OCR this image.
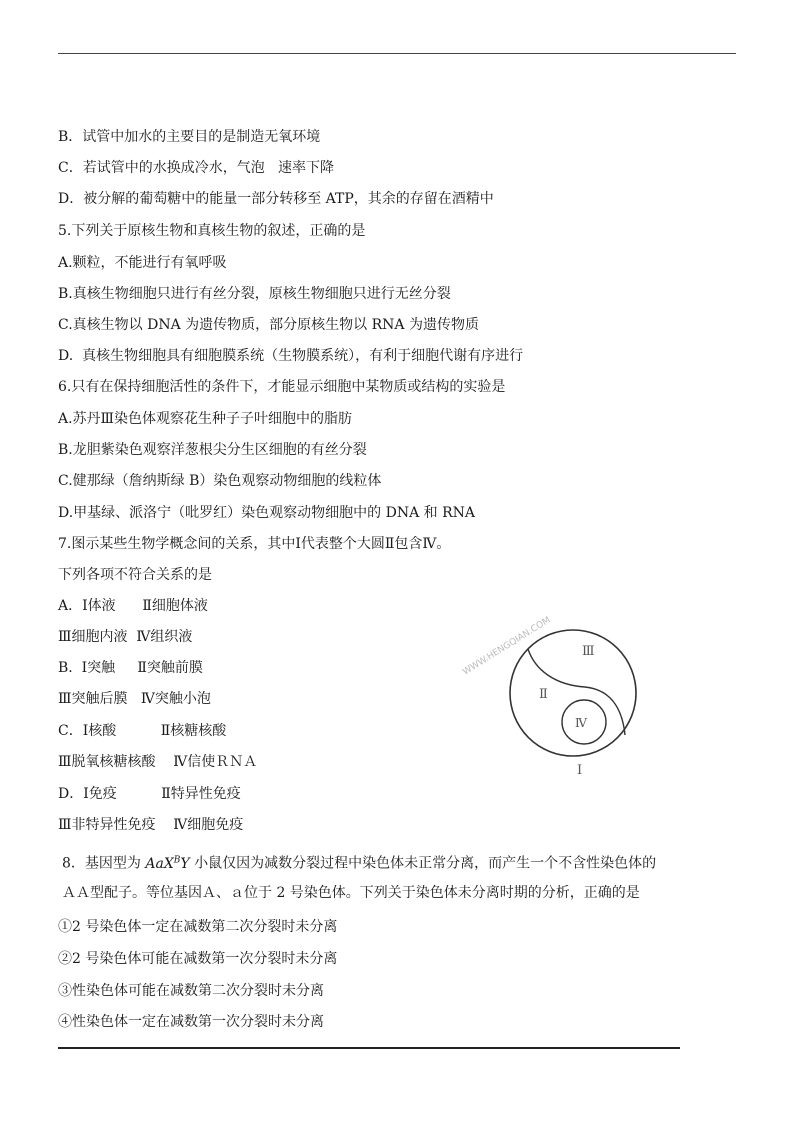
B．试管中加水的主要目的是制造无氧环境
C．若试管中的水换成冷水，气泡   速率下降
D．被分解的葡萄糖中的能量一部分转移至 ATP，其余的存留在酒精中
5.下列关于原核生物和真核生物的叙述，正确的是
A.颗粒，不能进行有氧呼吸
B.真核生物细胞只进行有丝分裂，原核生物细胞只进行无丝分裂
C.真核生物以 DNA 为遗传物质，部分原核生物以 RNA 为遗传物质
D.  真核生物细胞具有细胞膜系统（生物膜系统），有利于细胞代谢有序进行
6.只有在保持细胞活性的条件下，才能显示细胞中某物质或结构的实验是
A.苏丹Ⅲ染色体观察花生种子子叶细胞中的脂肪
B.龙胆紫染色观察洋葱根尖分生区细胞的有丝分裂
C.健那绿（詹纳斯绿 B）染色观察动物细胞的线粒体
D.甲基绿、派洛宁（吡罗红）染色观察动物细胞中的 DNA 和 RNA
7.图示某些生物学概念间的关系，其中Ⅰ代表整个大圆Ⅱ包含Ⅳ。
下列各项不符合关系的是
A．Ⅰ体液      Ⅱ细胞体液
Ⅲ细胞内液  Ⅳ组织液
B.  Ⅰ突触     Ⅱ突触前膜
Ⅲ突触后膜   Ⅳ突触小泡
C．Ⅰ核酸          Ⅱ核糖核酸
Ⅲ脱氧核糖核酸    Ⅳ信使ＲＮＡ
D．Ⅰ免疫          Ⅱ特异性免疫
Ⅲ非特异性免疫    Ⅳ细胞免疫
8．基因型为 AaX$^B$Y 小鼠仅因为减数分裂过程中染色体未正常分离，而产生一个不含性染色体的
ＡＡ型配子。等位基因Ａ、ａ位于 2 号染色体。下列关于染色体未分离时期的分析，正确的是
①2 号染色体一定在减数第二次分裂时未分离
②2 号染色体可能在减数第一次分裂时未分离
③性染色体可能在减数第二次分裂时未分离
④性染色体一定在减数第一次分裂时未分离
WWW.HENGQIAN.COM Ⅲ
Ⅱ
Ⅳ
Ⅰ
